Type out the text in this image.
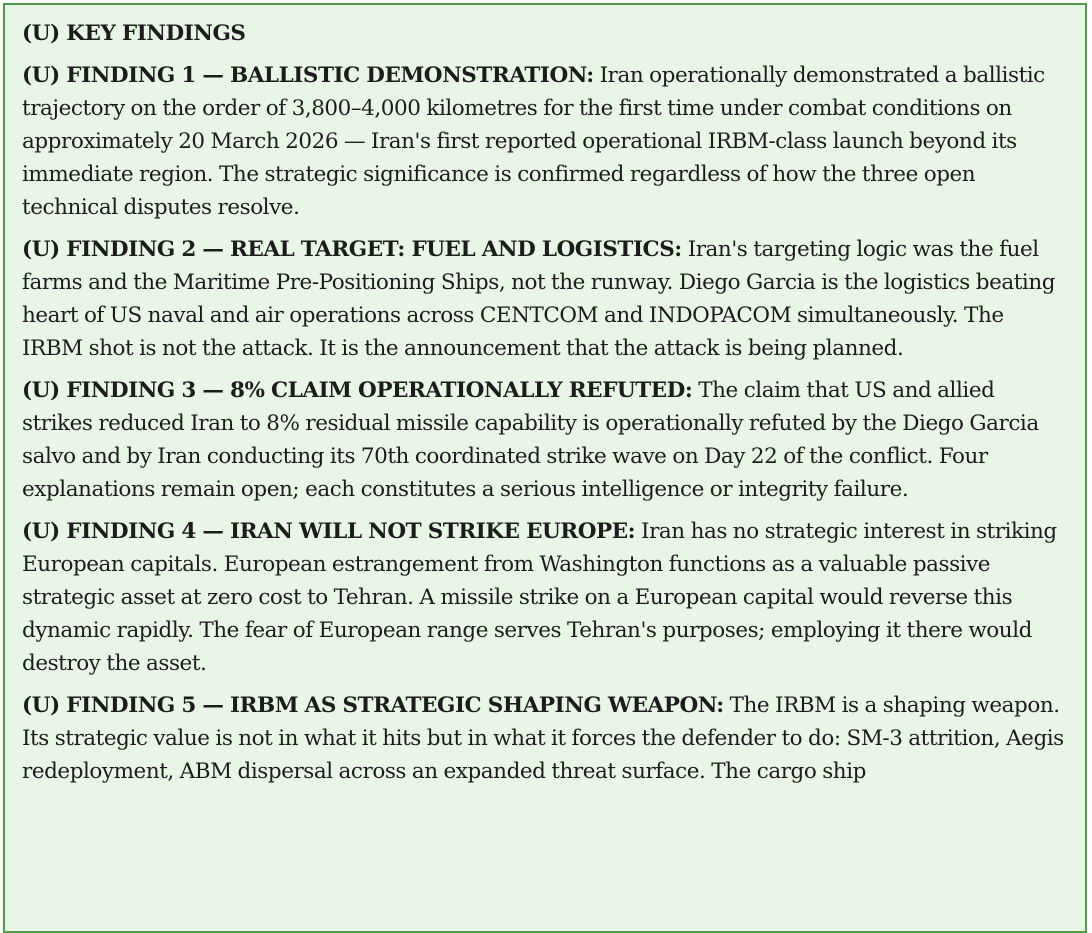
(U) KEY FINDINGS
(U) FINDING 1 — BALLISTIC DEMONSTRATION: Iran operationally demonstrated a ballistic trajectory on the order of 3,800–4,000 kilometres for the first time under combat conditions on approximately 20 March 2026 — Iran's first reported operational IRBM-class launch beyond its immediate region. The strategic significance is confirmed regardless of how the three open technical disputes resolve.
(U) FINDING 2 — REAL TARGET: FUEL AND LOGISTICS: Iran's targeting logic was the fuel farms and the Maritime Pre-Positioning Ships, not the runway. Diego Garcia is the logistics beating heart of US naval and air operations across CENTCOM and INDOPACOM simultaneously. The IRBM shot is not the attack. It is the announcement that the attack is being planned.
(U) FINDING 3 — 8% CLAIM OPERATIONALLY REFUTED: The claim that US and allied strikes reduced Iran to 8% residual missile capability is operationally refuted by the Diego Garcia salvo and by Iran conducting its 70th coordinated strike wave on Day 22 of the conflict. Four explanations remain open; each constitutes a serious intelligence or integrity failure.
(U) FINDING 4 — IRAN WILL NOT STRIKE EUROPE: Iran has no strategic interest in striking European capitals. European estrangement from Washington functions as a valuable passive strategic asset at zero cost to Tehran. A missile strike on a European capital would reverse this dynamic rapidly. The fear of European range serves Tehran's purposes; employing it there would destroy the asset.
(U) FINDING 5 — IRBM AS STRATEGIC SHAPING WEAPON: The IRBM is a shaping weapon. Its strategic value is not in what it hits but in what it forces the defender to do: SM-3 attrition, Aegis redeployment, ABM dispersal across an expanded threat surface. The cargo ship
